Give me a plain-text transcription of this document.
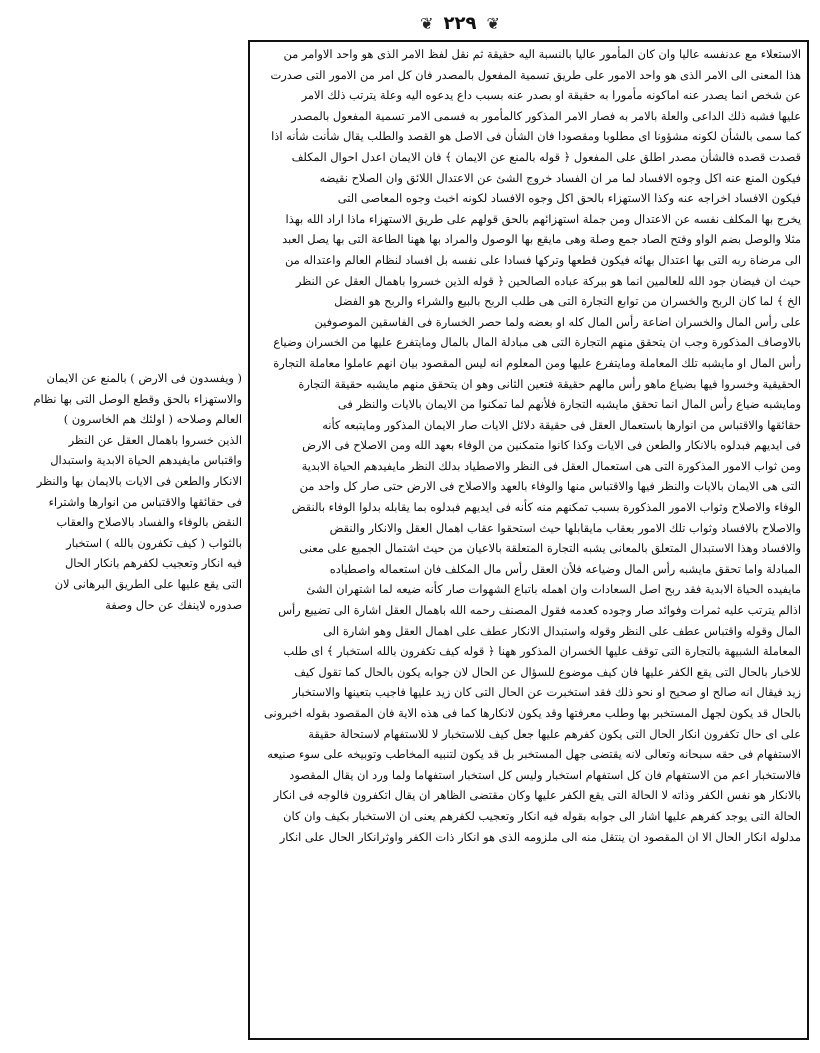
❦
٢٢٩
❦

الاستعلاء مع عدنفسه عاليا وان كان المأمور عاليا بالنسبة اليه حقيقة ثم نقل لفظ الامر الذى هو واحد الاوامر من

هذا المعنى الى الامر الذى هو واحد الامور على طريق تسمية المفعول بالمصدر فان كل امر من الامور التى صدرت

عن شخص انما يصدر عنه اماكونه مأمورا به حقيقة او بصدر عنه بسبب داع يدعوه اليه وعلة يترتب ذلك الامر

عليها فشبه ذلك الداعى والعلة بالامر به فصار الامر المذكور كالمأمور به فسمى الامر تسمية المفعول بالمصدر

كما سمى بالشأن لكونه مشؤونا اى مطلوبا ومقصودا فان الشأن فى الاصل هو القصد والطلب يقال شأنت شأنه اذا

قصدت قصده فالشأن مصدر اطلق على المفعول ﴿ قوله بالمنع عن الايمان ﴾ فان الايمان اعدل احوال المكلف

فيكون المنع عنه اكل وجوه الافساد لما مر ان الفساد خروج الشئ عن الاعتدال اللائق وان الصلاح نقيضه

فيكون الافساد اخراجه عنه وكذا الاستهزاء بالحق اكل وجوه الافساد لكونه اخبث وجوه المعاصى التى

يخرج بها المكلف نفسه عن الاعتدال ومن جملة استهزائهم بالحق قولهم على طريق الاستهزاء ماذا اراد الله بهذا

مثلا والوصل بضم الواو وفتح الصاد جمع وصلة وهى مايقع بها الوصول والمراد بها ههنا الطاعة التى بها يصل العبد

الى مرضاة ربه التى بها اعتدال بهائه فيكون قطعها وتركها فسادا على نفسه بل افساد لنظام العالم واعتداله من

حيث ان فيضان جود الله للعالمين انما هو ببركة عباده الصالحين ﴿ قوله الذين خسروا باهمال العقل عن النظر

الخ ﴾ لما كان الربح والخسران من توابع التجارة التى هى طلب الربح بالبيع والشراء والربح هو الفضل

على رأس المال والخسران اضاعة رأس المال كله او بعضه ولما حصر الخسارة فى الفاسقين الموصوفين

بالاوصاف المذكورة وجب ان يتحقق منهم التجارة التى هى مبادلة المال بالمال ومايتفرع عليها من الخسران وضياع

رأس المال او مايشبه تلك المعاملة ومايتفرع عليها ومن المعلوم انه ليس المقصود بيان انهم عاملوا معاملة التجارة

الحقيقية وخسروا فيها بضياع ماهو رأس مالهم حقيقة فتعين الثانى وهو ان يتحقق منهم مايشبه حقيقة التجارة

ومايشبه ضياع رأس المال انما تحقق مايشبه التجارة فلأنهم لما تمكنوا من الايمان بالايات والنظر فى

حقائقها والاقتباس من انوارها باستعمال العقل فى حقيقة دلائل الايات صار الايمان المذكور ومايتبعه كأنه

فى ايديهم فبدلوه بالانكار والطعن فى الايات وكذا كانوا متمكنين من الوفاء بعهد الله ومن الاصلاح فى الارض

ومن ثواب الامور المذكورة التى هى استعمال العقل فى النظر والاصطياد بدلك النظر مايفيدهم الحياة الابدية

التى هى الايمان بالايات والنظر فيها والاقتباس منها والوفاء بالعهد والاصلاح فى الارض حتى صار كل واحد من

الوفاء والاصلاح وثواب الامور المذكورة بسبب تمكنهم منه كأنه فى ايديهم فبدلوه بما يقابله بدلوا الوفاء بالنقض

والاصلاح بالافساد وثواب تلك الامور بعقاب مايقابلها حيث استحقوا عقاب اهمال العقل والانكار والنقض

والافساد وهذا الاستبدال المتعلق بالمعانى يشبه التجارة المتعلقة بالاعيان من حيث اشتمال الجميع على معنى

المبادلة واما تحقق مايشبه رأس المال وضياعه فلأن العقل رأس مال المكلف فان استعماله واصطياده

مايفيده الحياة الابدية فقد ربح اصل السعادات وان اهمله باتباع الشهوات صار كأنه ضيعه لما اشتهران الشئ

اذالم يترتب عليه ثمرات وفوائد صار وجوده كعدمه فقول المصنف رحمه الله باهمال العقل اشارة الى تضييع رأس

المال وقوله واقتباس عطف على النظر وقوله واستبدال الانكار عطف على اهمال العقل وهو اشارة الى

المعاملة الشبيهة بالتجارة التى توقف عليها الخسران المذكور ههنا ﴿ قوله كيف تكفرون بالله استخبار ﴾ اى طلب

للاخبار بالحال التى يقع الكفر عليها فان كيف موضوع للسؤال عن الحال لان جوابه يكون بالحال كما تقول كيف

زيد فيقال انه صالح او صحيح او نحو ذلك فقد استخبرت عن الحال التى كان زيد عليها فاجيب بتعينها والاستخبار

بالحال قد يكون لجهل المستخبر بها وطلب معرفتها وقد يكون لانكارها كما فى هذه الاية فان المقصود بقوله اخبرونى

على اى حال تكفرون انكار الحال التى يكون كفرهم عليها جعل كيف للاستخبار لا للاستفهام لاستحالة حقيقة

الاستفهام فى حقه سبحانه وتعالى لانه يقتضى جهل المستخبر بل قد يكون لتنبيه المخاطب وتوبيخه على سوء صنيعه

فالاستخبار اعم من الاستفهام فان كل استفهام استخبار وليس كل استخبار استفهاما ولما ورد ان يقال المقصود

بالانكار هو نفس الكفر وذاته لا الحالة التى يقع الكفر عليها وكان مقتضى الظاهر ان يقال اتكفرون فالوجه فى انكار

الحالة التى يوجد كفرهم عليها اشار الى جوابه بقوله فيه انكار وتعجيب لكفرهم يعنى ان الاستخبار بكيف وان كان

مدلوله انكار الحال الا ان المقصود ان ينتقل منه الى ملزومه الذى هو انكار ذات الكفر واوثرانكار الحال على انكار

( ويفسدون فى الارض ) بالمنع عن الايمان

والاستهزاء بالحق وقطع الوصل التى بها نظام

العالم وصلاحه ( اولئك هم الخاسرون )

الذين خسروا باهمال العقل عن النظر

واقتباس مايفيدهم الحياة الابدية واستبدال

الانكار والطعن فى الايات بالايمان بها والنظر

فى حقائقها والاقتباس من انوارها واشتراء

النقض بالوفاء والفساد بالاصلاح والعقاب

بالثواب ( كيف تكفرون بالله ) استخبار

فيه انكار وتعجيب لكفرهم بانكار الحال

التى يقع عليها على الطريق البرهانى لان

صدوره لاينفك عن حال وصفة
